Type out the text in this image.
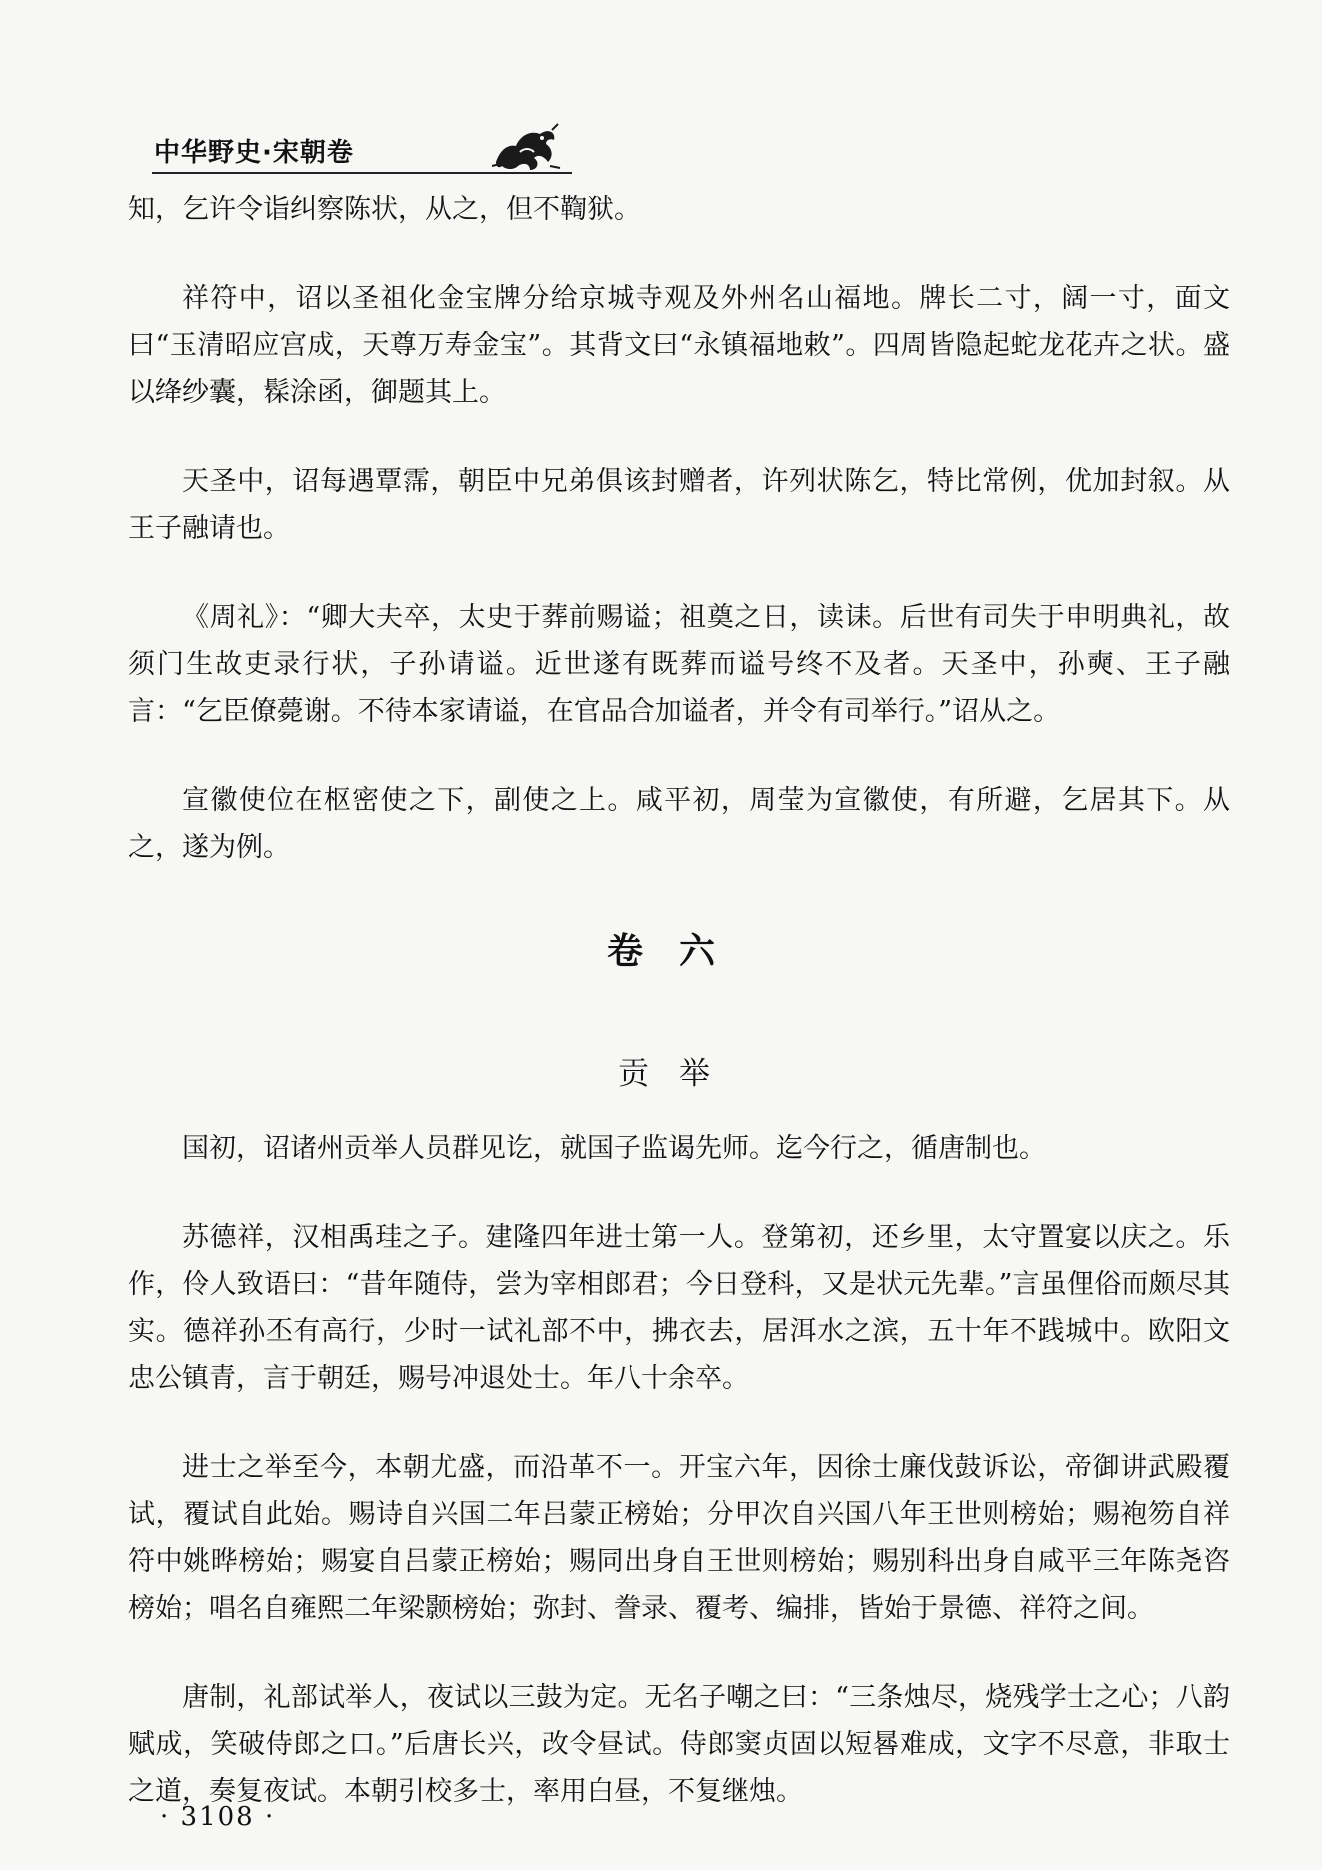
中华野史·宋朝卷

知，乞许令诣纠察陈状，从之，但不鞫狱。

祥符中，诏以圣祖化金宝牌分给京城寺观及外州名山福地。牌长二寸，阔一寸，面文曰“玉清昭应宫成，天尊万寿金宝”。其背文曰“永镇福地敕”。四周皆隐起蛇龙花卉之状。盛以绛纱囊，髹涂函，御题其上。

天圣中，诏每遇覃霈，朝臣中兄弟俱该封赠者，许列状陈乞，特比常例，优加封叙。从王子融请也。

《周礼》：“卿大夫卒，太史于葬前赐谥；祖奠之日，读诔。后世有司失于申明典礼，故须门生故吏录行状，子孙请谥。近世遂有既葬而谥号终不及者。天圣中，孙奭、王子融言：“乞臣僚薨谢。不待本家请谥，在官品合加谥者，并令有司举行。”诏从之。

宣徽使位在枢密使之下，副使之上。咸平初，周莹为宣徽使，有所避，乞居其下。从之，遂为例。

卷六
贡举

国初，诏诸州贡举人员群见讫，就国子监谒先师。迄今行之，循唐制也。

苏德祥，汉相禹珪之子。建隆四年进士第一人。登第初，还乡里，太守置宴以庆之。乐作，伶人致语曰：“昔年随侍，尝为宰相郎君；今日登科，又是状元先辈。”言虽俚俗而颇尽其实。德祥孙丕有高行，少时一试礼部不中，拂衣去，居洱水之滨，五十年不践城中。欧阳文忠公镇青，言于朝廷，赐号冲退处士。年八十余卒。

进士之举至今，本朝尤盛，而沿革不一。开宝六年，因徐士廉伐鼓诉讼，帝御讲武殿覆试，覆试自此始。赐诗自兴国二年吕蒙正榜始；分甲次自兴国八年王世则榜始；赐袍笏自祥符中姚晔榜始；赐宴自吕蒙正榜始；赐同出身自王世则榜始；赐别科出身自咸平三年陈尧咨榜始；唱名自雍熙二年梁颢榜始；弥封、誊录、覆考、编排，皆始于景德、祥符之间。

唐制，礼部试举人，夜试以三鼓为定。无名子嘲之曰：“三条烛尽，烧残学士之心；八韵赋成，笑破侍郎之口。”后唐长兴，改令昼试。侍郎窦贞固以短晷难成，文字不尽意，非取士之道，奏复夜试。本朝引校多士，率用白昼，不复继烛。

· 3108 ·
